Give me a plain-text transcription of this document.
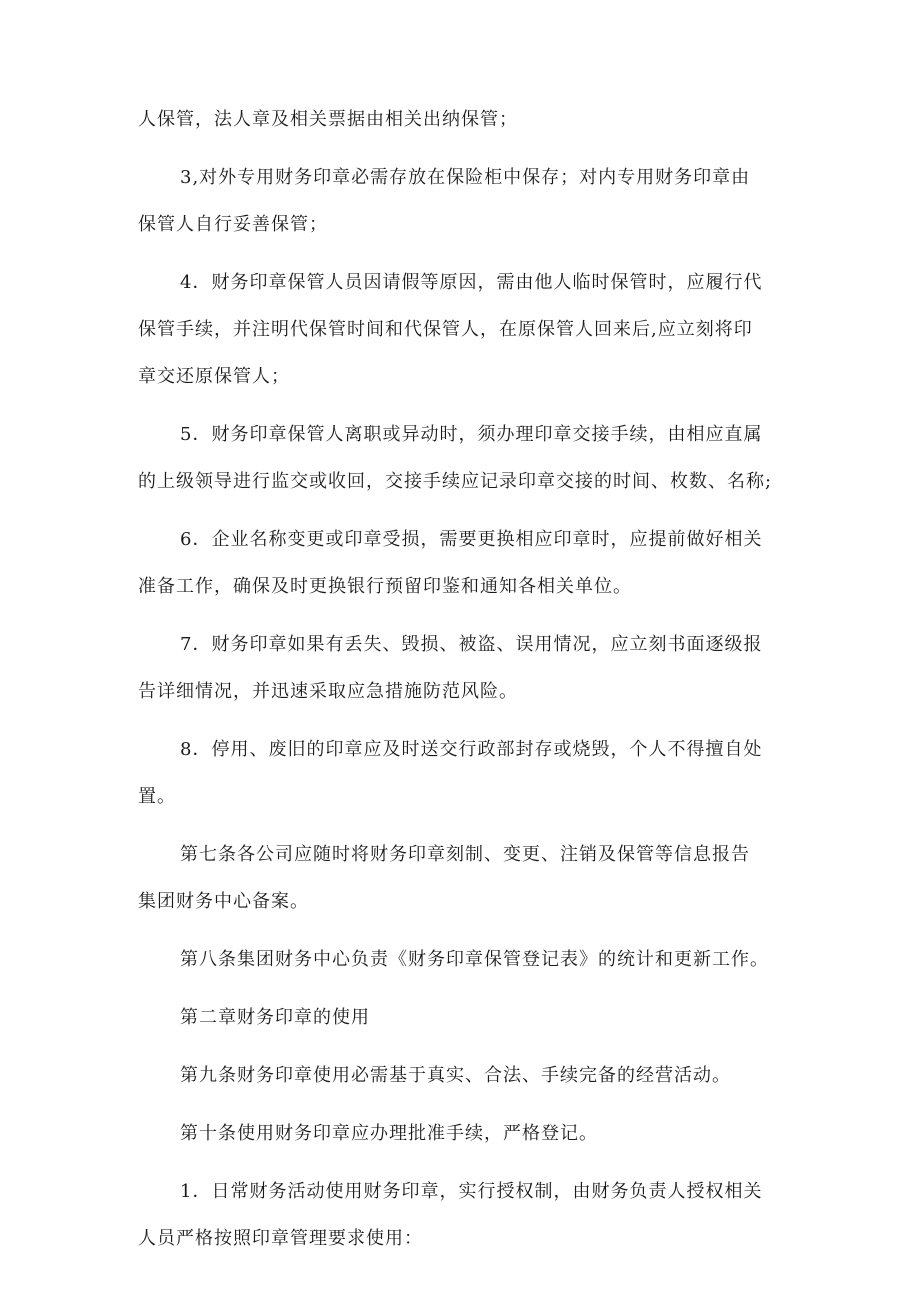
人保管，法人章及相关票据由相关出纳保管；
3,对外专用财务印章必需存放在保险柜中保存；对内专用财务印章由
保管人自行妥善保管；
4．财务印章保管人员因请假等原因，需由他人临时保管时，应履行代
保管手续，并注明代保管时间和代保管人，在原保管人回来后,应立刻将印
章交还原保管人；
5．财务印章保管人离职或异动时，须办理印章交接手续，由相应直属
的上级领导进行监交或收回，交接手续应记录印章交接的时间、枚数、名称;
6．企业名称变更或印章受损，需要更换相应印章时，应提前做好相关
准备工作，确保及时更换银行预留印鉴和通知各相关单位。
7．财务印章如果有丢失、毁损、被盗、误用情况，应立刻书面逐级报
告详细情况，并迅速采取应急措施防范风险。
8．停用、废旧的印章应及时送交行政部封存或烧毁，个人不得擅自处
置。
第七条各公司应随时将财务印章刻制、变更、注销及保管等信息报告
集团财务中心备案。
第八条集团财务中心负责《财务印章保管登记表》的统计和更新工作。
第二章财务印章的使用
第九条财务印章使用必需基于真实、合法、手续完备的经营活动。
第十条使用财务印章应办理批准手续，严格登记。
1．日常财务活动使用财务印章，实行授权制，由财务负责人授权相关
人员严格按照印章管理要求使用：
